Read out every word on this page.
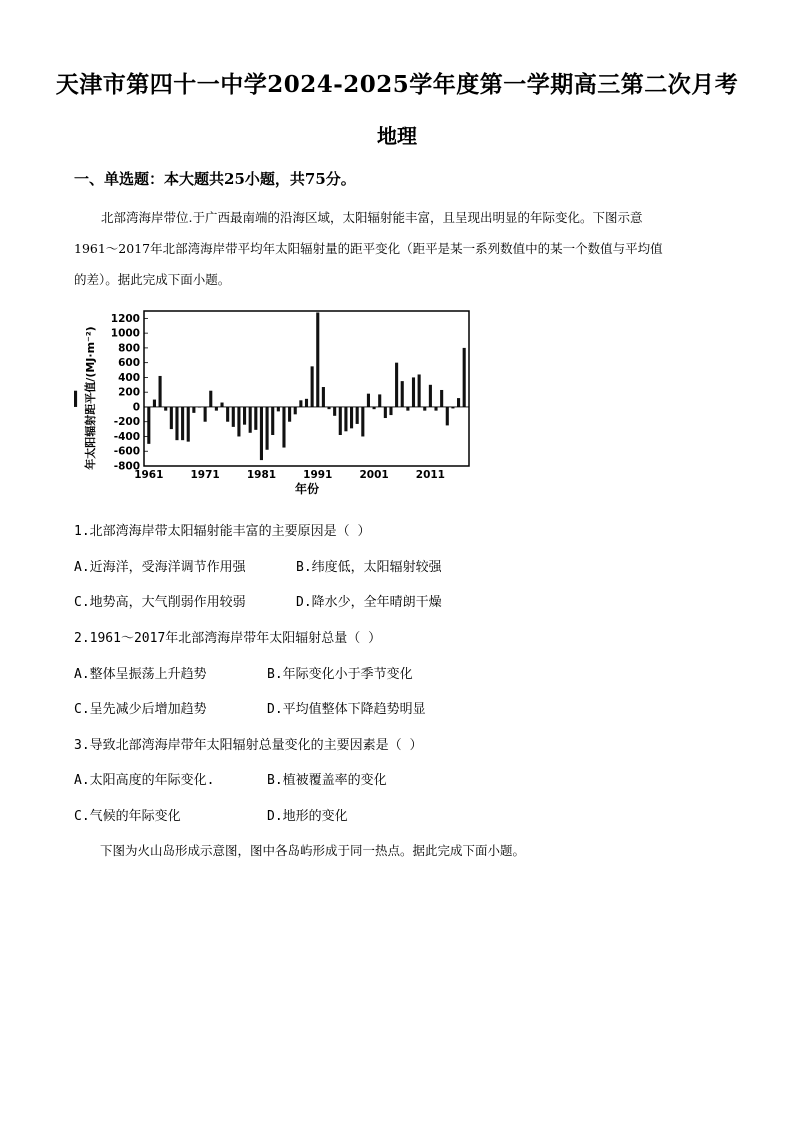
天津市第四十一中学2024-2025学年度第一学期高三第二次月考
地理
一、单选题：本大题共25小题，共75分。

北部湾海岸带位.于广西最南端的沿海区域，太阳辐射能丰富，且呈现出明显的年际变化。下图示意

1961～2017年北部湾海岸带平均年太阳辐射量的距平变化（距平是某一系列数值中的某一个数值与平均值

的差）。据此完成下面小题。

年太阳辐射距平值/(MJ·m⁻²)
1200
1000
800
600
400
200
0
-200
-400
-600
-800
1961	1971	1981	1991	2001	2011
年份
1.北部湾海岸带太阳辐射能丰富的主要原因是（ ）
A.近海洋，受海洋调节作用强	B.纬度低，太阳辐射较强
C.地势高，大气削弱作用较弱	D.降水少，全年晴朗干燥
2.1961～2017年北部湾海岸带年太阳辐射总量（ ）
A.整体呈振荡上升趋势	B.年际变化小于季节变化
C.呈先减少后增加趋势	D.平均值整体下降趋势明显
3.导致北部湾海岸带年太阳辐射总量变化的主要因素是（ ）
A.太阳高度的年际变化.	B.植被覆盖率的变化
C.气候的年际变化	D.地形的变化
下图为火山岛形成示意图，图中各岛屿形成于同一热点。据此完成下面小题。
